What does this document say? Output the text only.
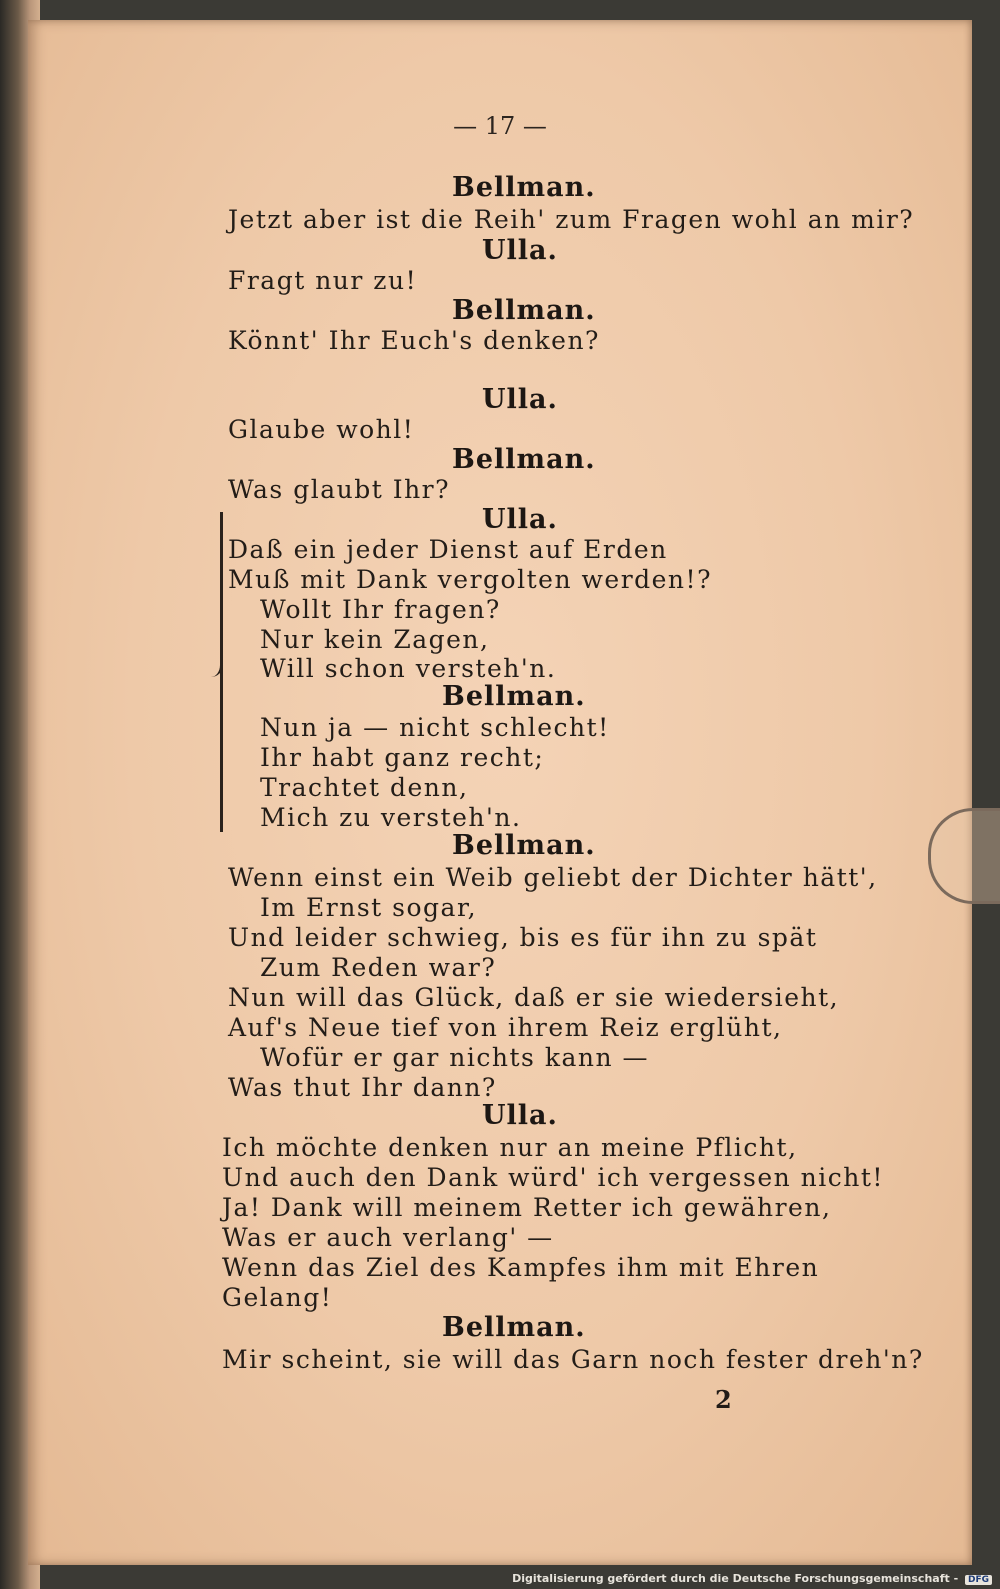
— 17 —
Bellman.
Jetzt aber ist die Reih' zum Fragen wohl an mir?
Ulla.
Fragt nur zu!
Bellman.
Könnt' Ihr Euch's denken?
Ulla.
Glaube wohl!
Bellman.
Was glaubt Ihr?
Ulla.
Daß ein jeder Dienst auf Erden
Muß mit Dank vergolten werden!?
Wollt Ihr fragen?
Nur kein Zagen,
Will schon versteh'n.
Bellman.
Nun ja — nicht schlecht!
Ihr habt ganz recht;
Trachtet denn,
Mich zu versteh'n.
Bellman.
Wenn einst ein Weib geliebt der Dichter hätt',
Im Ernst sogar,
Und leider schwieg, bis es für ihn zu spät
Zum Reden war?
Nun will das Glück, daß er sie wiedersieht,
Auf's Neue tief von ihrem Reiz erglüht,
Wofür er gar nichts kann —
Was thut Ihr dann?
Ulla.
Ich möchte denken nur an meine Pflicht,
Und auch den Dank würd' ich vergessen nicht!
Ja! Dank will meinem Retter ich gewähren,
Was er auch verlang' —
Wenn das Ziel des Kampfes ihm mit Ehren
Gelang!
Bellman.
Mir scheint, sie will das Garn noch fester dreh'n?
2
Digitalisierung gefördert durch die Deutsche Forschungsgemeinschaft - DFG
